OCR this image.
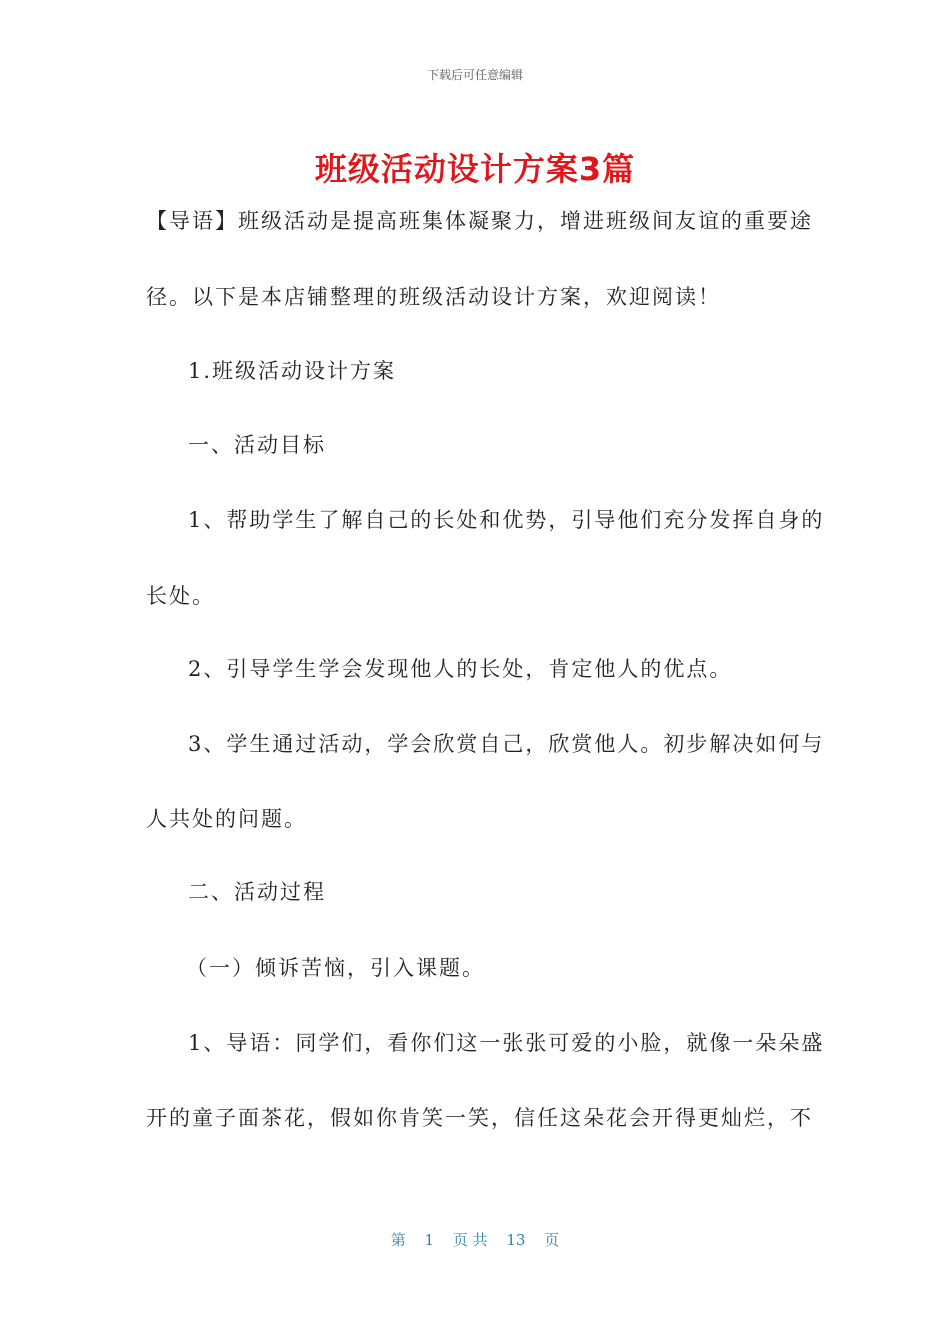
下载后可任意编辑
班级活动设计方案3篇

【导语】班级活动是提高班集体凝聚力，增进班级间友谊的重要途

径。以下是本店铺整理的班级活动设计方案，欢迎阅读！

1.班级活动设计方案

一、活动目标

1、帮助学生了解自己的长处和优势，引导他们充分发挥自身的

长处。

2、引导学生学会发现他人的长处，肯定他人的优点。

3、学生通过活动，学会欣赏自己，欣赏他人。初步解决如何与

人共处的问题。

二、活动过程

（一）倾诉苦恼，引入课题。

1、导语：同学们，看你们这一张张可爱的小脸，就像一朵朵盛

开的童子面茶花，假如你肯笑一笑，信任这朵花会开得更灿烂，不

第 1 页 共 13 页
